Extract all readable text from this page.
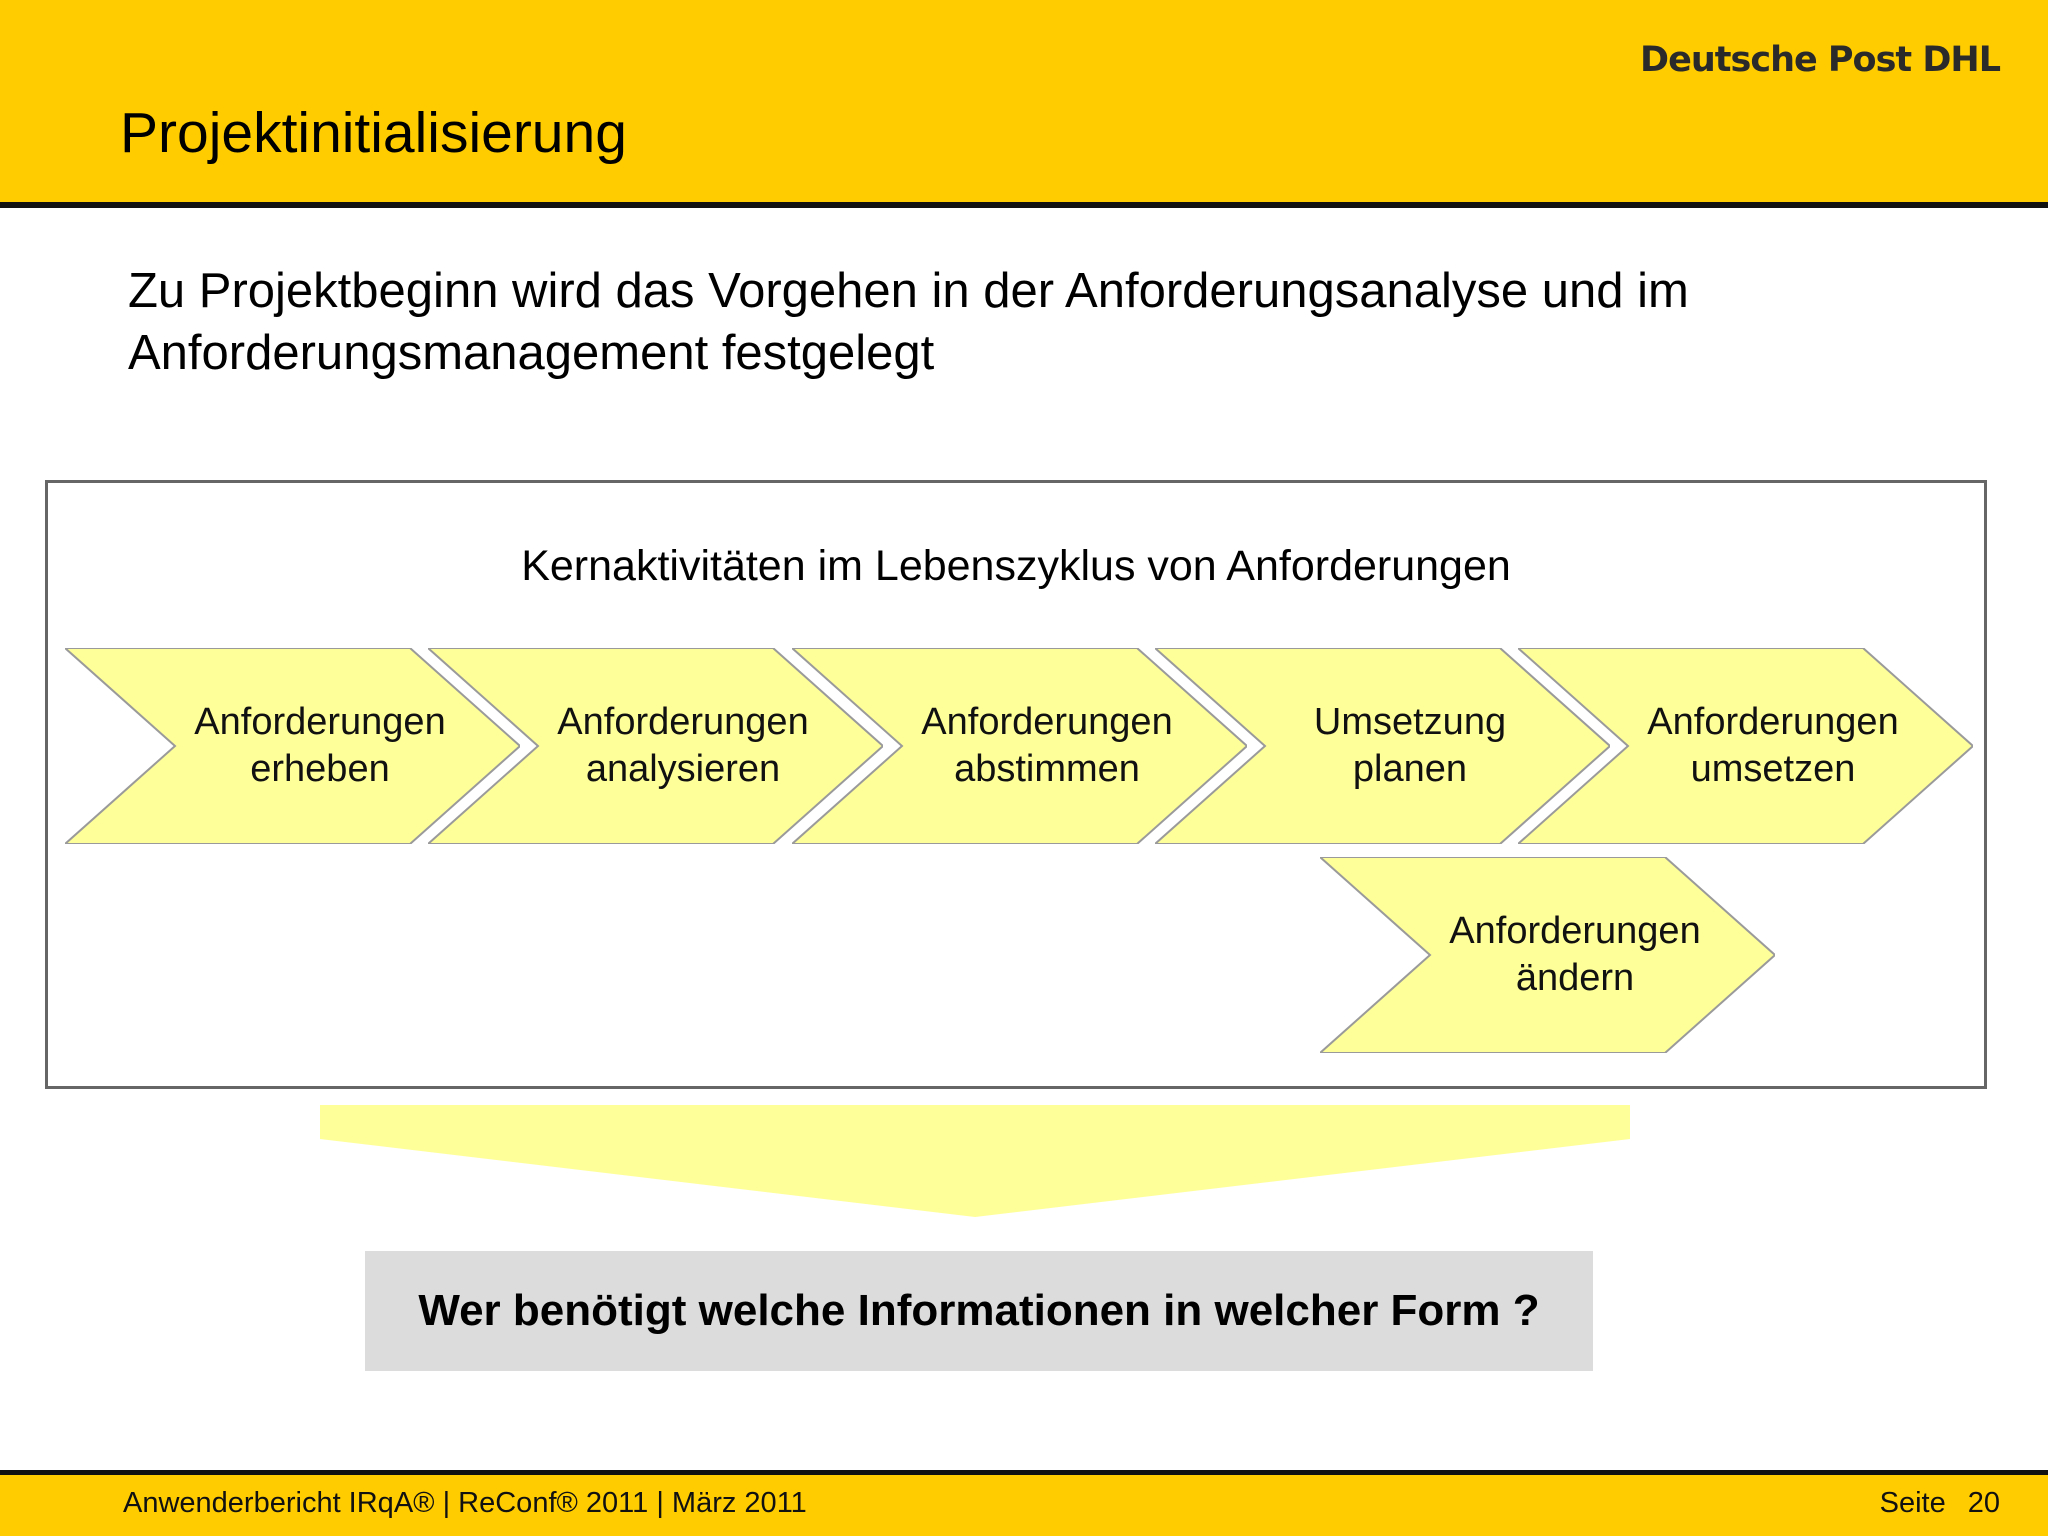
Deutsche Post DHL
Projektinitialisierung
Zu Projektbeginn wird das Vorgehen in der Anforderungsanalyse und im Anforderungsmanagement festgelegt
Kernaktivitäten im Lebenszyklus von Anforderungen
Anforderungen
erheben
Anforderungen
analysieren
Anforderungen
abstimmen
Umsetzung
planen
Anforderungen
umsetzen
Anforderungen
ändern
Wer benötigt welche Informationen in welcher Form ?
Anwenderbericht IRqA® | ReConf® 2011 | März 2011	Seite 20
